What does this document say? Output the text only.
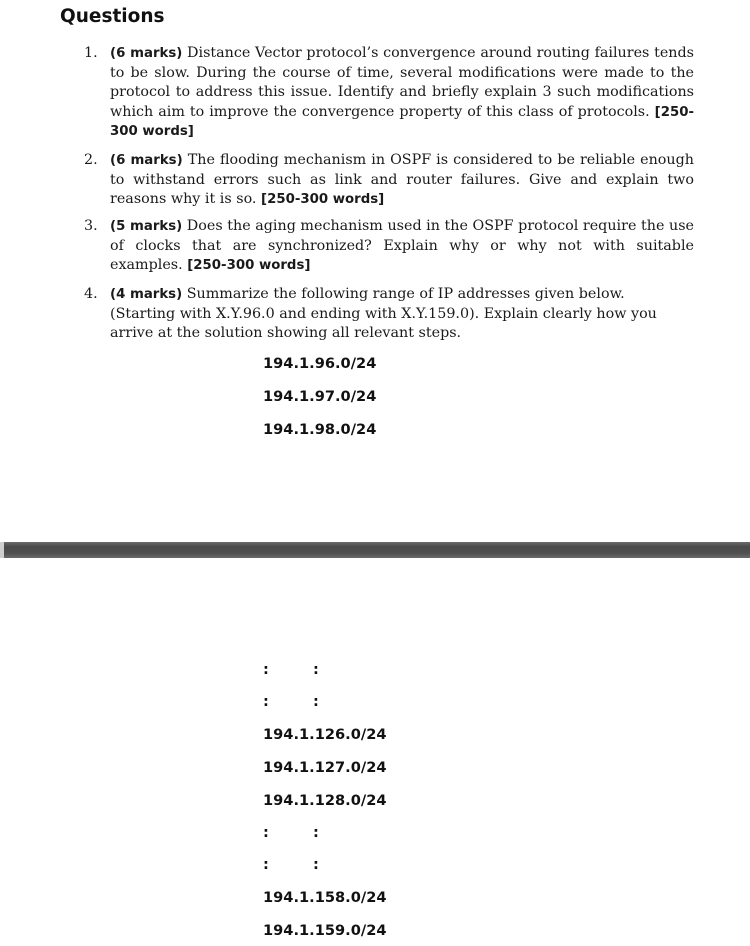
Questions
1. (6 marks) Distance Vector protocol’s convergence around routing failures tends to be slow. During the course of time, several modifications were made to the protocol to address this issue. Identify and briefly explain 3 such modifications which aim to improve the convergence property of this class of protocols. [250-300 words]
2. (6 marks) The flooding mechanism in OSPF is considered to be reliable enough to withstand errors such as link and router failures. Give and explain two reasons why it is so. [250-300 words]
3. (5 marks) Does the aging mechanism used in the OSPF protocol require the use of clocks that are synchronized? Explain why or why not with suitable examples. [250-300 words]
4. (4 marks) Summarize the following range of IP addresses given below. (Starting with X.Y.96.0 and ending with X.Y.159.0). Explain clearly how you arrive at the solution showing all relevant steps.
194.1.96.0/24
194.1.97.0/24
194.1.98.0/24
:	:
:	:
194.1.126.0/24
194.1.127.0/24
194.1.128.0/24
:	:
:	:
194.1.158.0/24
194.1.159.0/24
